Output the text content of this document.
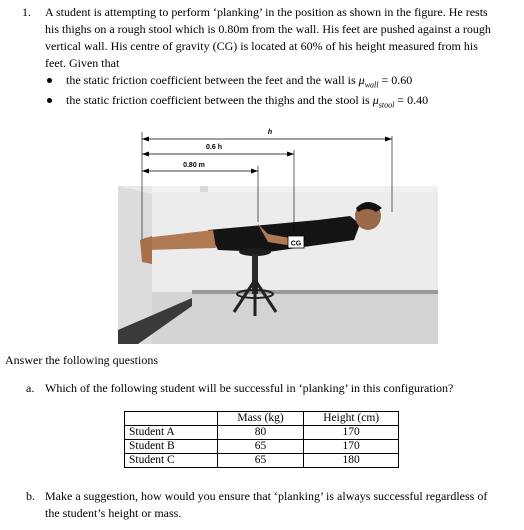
1. A student is attempting to perform ‘planking’ in the position as shown in the figure. He rests
his thighs on a rough stool which is 0.80m from the wall. His feet are pushed against a rough
vertical wall. His centre of gravity (CG) is located at 60% of his height measured from his
feet. Given that
the static friction coefficient between the feet and the wall is $\mu_{wall} = 0.60$
the static friction coefficient between the thighs and the stool is $\mu_{stool} = 0.40$
CG
h
0.6 h
0.80 m
Answer the following questions
a. Which of the following student will be successful in ‘planking’ in this configuration?
	Mass (kg)	Height (cm)
Student A	80	170
Student B	65	170
Student C	65	180
b. Make a suggestion, how would you ensure that ‘planking’ is always successful regardless of
the student’s height or mass.
